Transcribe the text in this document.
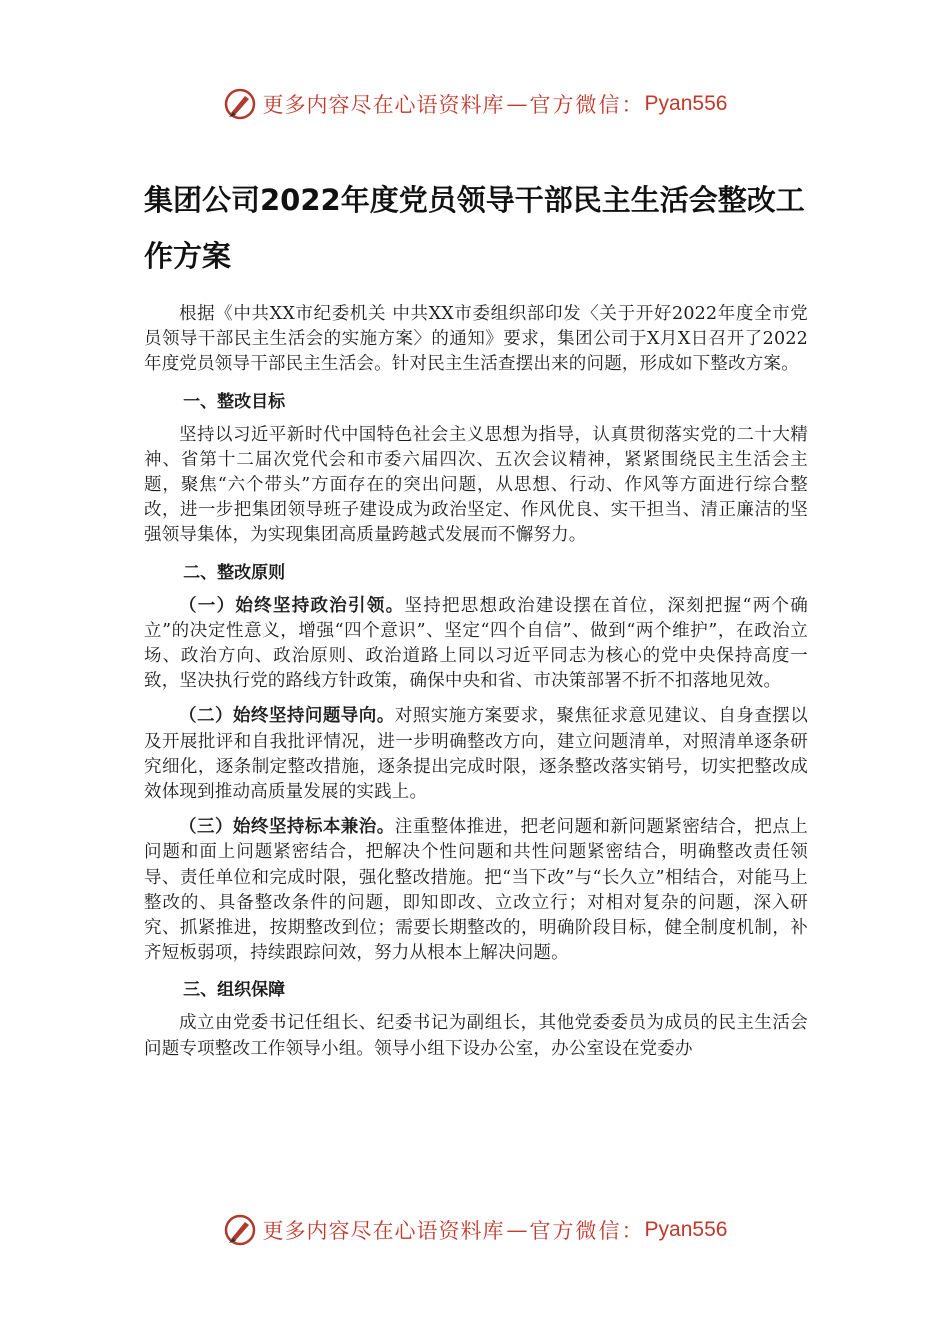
更多内容尽在心语资料库 — 官方微信： Pyan556
集团公司2022年度党员领导干部民主生活会整改工作方案

根据《中共XX市纪委机关 中共XX市委组织部印发〈关于开好2022年度全市党员领导干部民主生活会的实施方案〉的通知》要求，集团公司于X月X日召开了2022年度党员领导干部民主生活会。针对民主生活查摆出来的问题，形成如下整改方案。

一、整改目标

坚持以习近平新时代中国特色社会主义思想为指导，认真贯彻落实党的二十大精神、省第十二届次党代会和市委六届四次、五次会议精神，紧紧围绕民主生活会主题，聚焦“六个带头”方面存在的突出问题，从思想、行动、作风等方面进行综合整改，进一步把集团领导班子建设成为政治坚定、作风优良、实干担当、清正廉洁的坚强领导集体，为实现集团高质量跨越式发展而不懈努力。

二、整改原则

（一）始终坚持政治引领。坚持把思想政治建设摆在首位，深刻把握“两个确立”的决定性意义，增强“四个意识”、坚定“四个自信”、做到“两个维护”，在政治立场、政治方向、政治原则、政治道路上同以习近平同志为核心的党中央保持高度一致，坚决执行党的路线方针政策，确保中央和省、市决策部署不折不扣落地见效。

（二）始终坚持问题导向。对照实施方案要求，聚焦征求意见建议、自身查摆以及开展批评和自我批评情况，进一步明确整改方向，建立问题清单，对照清单逐条研究细化，逐条制定整改措施，逐条提出完成时限，逐条整改落实销号，切实把整改成效体现到推动高质量发展的实践上。

（三）始终坚持标本兼治。注重整体推进，把老问题和新问题紧密结合，把点上问题和面上问题紧密结合，把解决个性问题和共性问题紧密结合，明确整改责任领导、责任单位和完成时限，强化整改措施。把“当下改”与“长久立”相结合，对能马上整改的、具备整改条件的问题，即知即改、立改立行；对相对复杂的问题，深入研究、抓紧推进，按期整改到位；需要长期整改的，明确阶段目标，健全制度机制，补齐短板弱项，持续跟踪问效，努力从根本上解决问题。

三、组织保障

成立由党委书记任组长、纪委书记为副组长，其他党委委员为成员的民主生活会问题专项整改工作领导小组。领导小组下设办公室，办公室设在党委办

更多内容尽在心语资料库 — 官方微信： Pyan556
